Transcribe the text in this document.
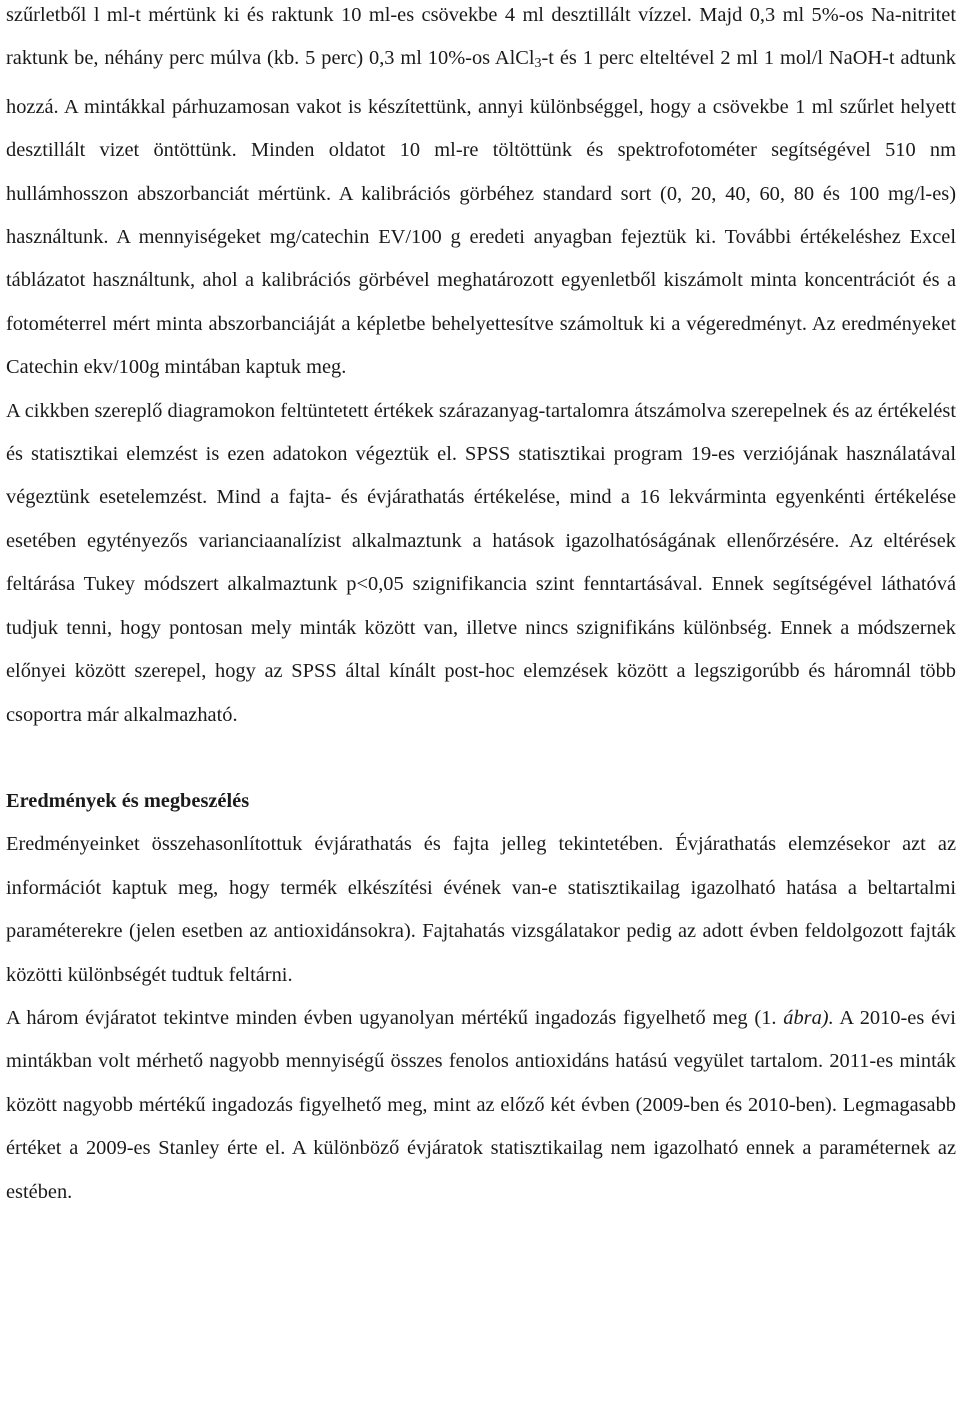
szűrletből l ml-t mértünk ki és raktunk 10 ml-es csövekbe 4 ml desztillált vízzel. Majd 0,3 ml 5%-os Na-nitritet raktunk be, néhány perc múlva (kb. 5 perc) 0,3 ml 10%-os AlCl$_3$-t és 1 perc elteltével 2 ml 1 mol/l NaOH-t adtunk hozzá. A mintákkal párhuzamosan vakot is készítettünk, annyi különbséggel, hogy a csövekbe 1 ml szűrlet helyett desztillált vizet öntöttünk. Minden oldatot 10 ml-re töltöttünk és spektrofotométer segítségével 510 nm hullámhosszon abszorbanciát mértünk. A kalibrációs görbéhez standard sort (0, 20, 40, 60, 80 és 100 mg/l-es) használtunk. A mennyiségeket mg/catechin EV/100 g eredeti anyagban fejeztük ki. További értékeléshez Excel táblázatot használtunk, ahol a kalibrációs görbével meghatározott egyenletből kiszámolt minta koncentrációt és a fotométerrel mért minta abszorbanciáját a képletbe behelyettesítve számoltuk ki a végeredményt. Az eredményeket Catechin ekv/100g mintában kaptuk meg.

A cikkben szereplő diagramokon feltüntetett értékek szárazanyag-tartalomra átszámolva szerepelnek és az értékelést és statisztikai elemzést is ezen adatokon végeztük el. SPSS statisztikai program 19-es verziójának használatával végeztünk esetelemzést. Mind a fajta- és évjárathatás értékelése, mind a 16 lekvárminta egyenkénti értékelése esetében egytényezős varianciaanalízist alkalmaztunk a hatások igazolhatóságának ellenőrzésére. Az eltérések feltárása Tukey módszert alkalmaztunk p<0,05 szignifikancia szint fenntartásával. Ennek segítségével láthatóvá tudjuk tenni, hogy pontosan mely minták között van, illetve nincs szignifikáns különbség. Ennek a módszernek előnyei között szerepel, hogy az SPSS által kínált post-hoc elemzések között a legszigorúbb és háromnál több csoportra már alkalmazható.

Eredmények és megbeszélés

Eredményeinket összehasonlítottuk évjárathatás és fajta jelleg tekintetében. Évjárathatás elemzésekor azt az információt kaptuk meg, hogy termék elkészítési évének van-e statisztikailag igazolható hatása a beltartalmi paraméterekre (jelen esetben az antioxidánsokra). Fajtahatás vizsgálatakor pedig az adott évben feldolgozott fajták közötti különbségét tudtuk feltárni.

A három évjáratot tekintve minden évben ugyanolyan mértékű ingadozás figyelhető meg (1. ábra). A 2010-es évi mintákban volt mérhető nagyobb mennyiségű összes fenolos antioxidáns hatású vegyület tartalom. 2011-es minták között nagyobb mértékű ingadozás figyelhető meg, mint az előző két évben (2009-ben és 2010-ben). Legmagasabb értéket a 2009-es Stanley érte el. A különböző évjáratok statisztikailag nem igazolható ennek a paraméternek az estében.
